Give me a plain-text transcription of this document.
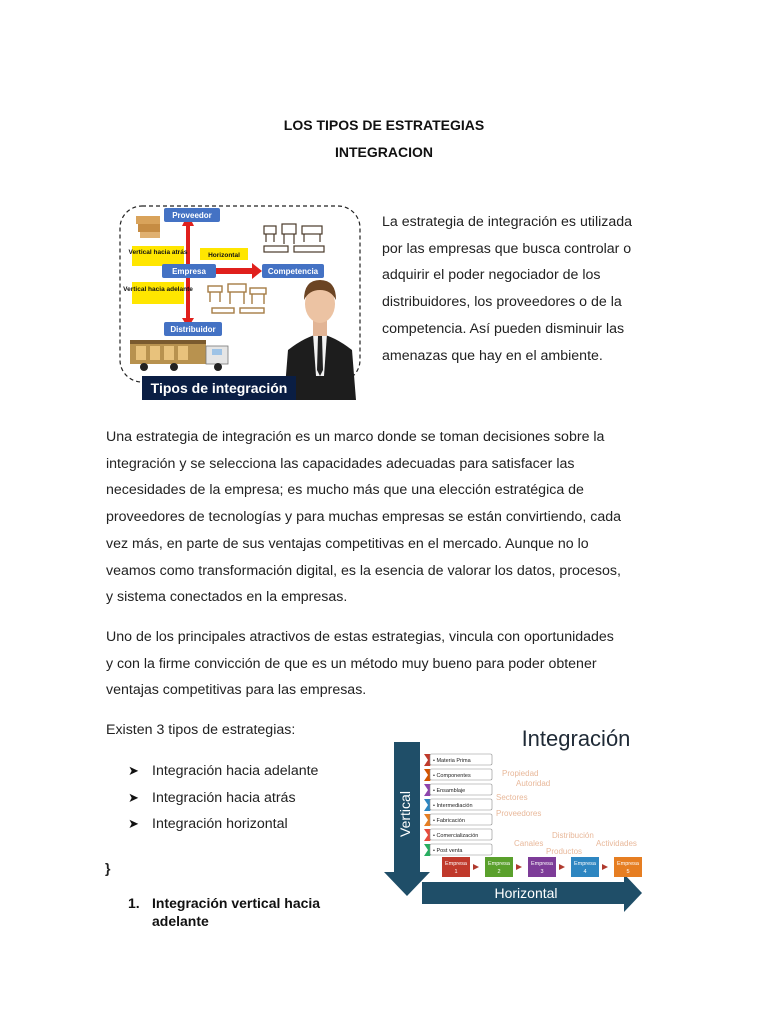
LOS TIPOS DE ESTRATEGIAS
INTEGRACION
Proveedor
Vertical hacia atrás	Horizontal
Empresa	Competencia
Vertical hacia adelante
Distribuidor
Tipos de integración
La estrategia de integración es utilizada
por las empresas que busca controlar o
adquirir el poder negociador de los
distribuidores, los proveedores o de la
competencia. Así pueden disminuir las
amenazas que hay en el ambiente.
Una estrategia de integración es un marco donde se toman decisiones sobre la
integración y se selecciona las capacidades adecuadas para satisfacer las
necesidades de la empresa; es mucho más que una elección estratégica de
proveedores de tecnologías y para muchas empresas se están convirtiendo, cada
vez más, en parte de sus ventajas competitivas en el mercado. Aunque no lo
veamos como transformación digital, es la esencia de valorar los datos, procesos,
y sistema conectados en la empresas.
Uno de los principales atractivos de estas estrategias, vincula con oportunidades
y con la firme convicción de que es un método muy bueno para poder obtener
ventajas competitivas para las empresas.
Existen 3 tipos de estrategias:
➤ Integración hacia adelante
➤ Integración hacia atrás
➤ Integración horizontal
}
1. Integración vertical hacia
adelante
Integración
Vertical
Horizontal
Propiedad
Autoridad
Sectores
Proveedores
Canales
Distribución
Productos
Actividades
• Materia Prima
• Componentes
• Ensamblaje
• Intermediación
• Fabricación
• Comercialización
• Post venta
Empresa
1
Empresa
2
Empresa
3
Empresa
4
Empresa
5
